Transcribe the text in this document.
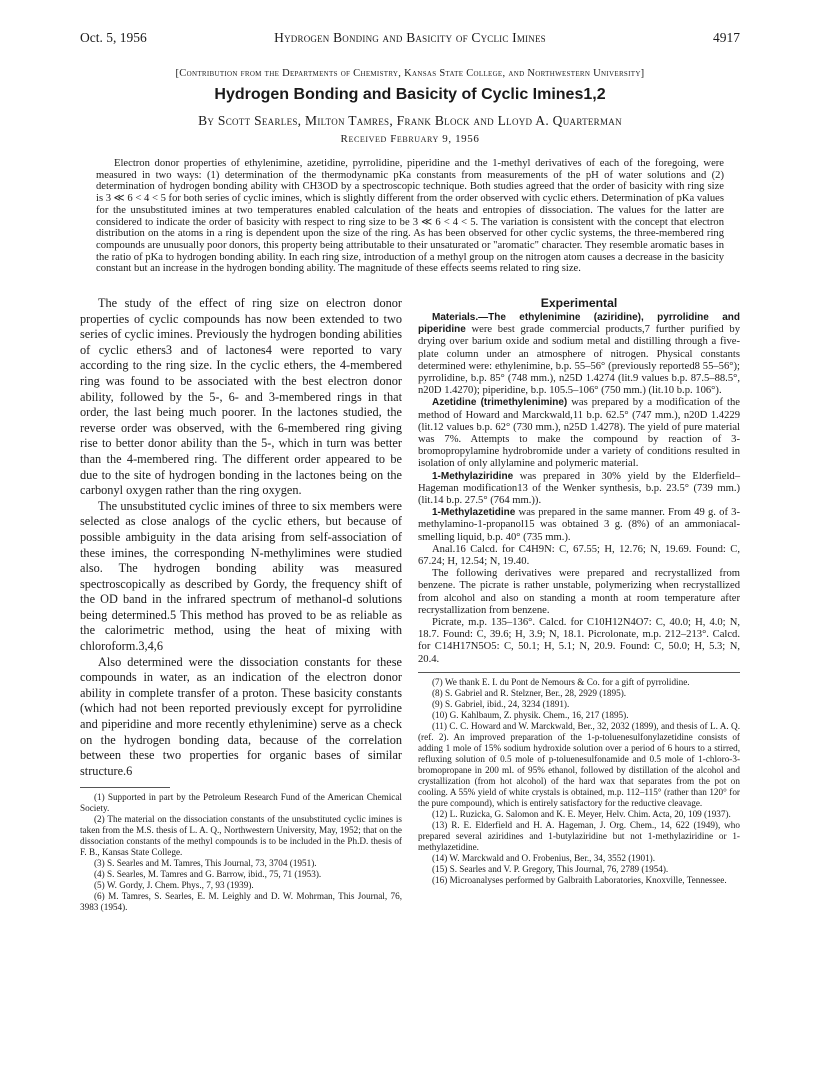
Oct. 5, 1956	Hydrogen Bonding and Basicity of Cyclic Imines	4917
[Contribution from the Departments of Chemistry, Kansas State College, and Northwestern University]
Hydrogen Bonding and Basicity of Cyclic Imines1,2
By Scott Searles, Milton Tamres, Frank Block and Lloyd A. Quarterman
Received February 9, 1956
Electron donor properties of ethylenimine, azetidine, pyrrolidine, piperidine and the 1-methyl derivatives of each of the foregoing, were measured in two ways: (1) determination of the thermodynamic pKa constants from measurements of the pH of water solutions and (2) determination of hydrogen bonding ability with CH3OD by a spectroscopic technique. Both studies agreed that the order of basicity with ring size is 3 ≪ 6 < 4 < 5 for both series of cyclic imines, which is slightly different from the order observed with cyclic ethers. Determination of pKa values for the unsubstituted imines at two temperatures enabled calculation of the heats and entropies of dissociation. The values for the latter are considered to indicate the order of basicity with respect to ring size to be 3 ≪ 6 < 4 < 5. The variation is consistent with the concept that electron distribution on the atoms in a ring is dependent upon the size of the ring. As has been observed for other cyclic systems, the three-membered ring compounds are unusually poor donors, this property being attributable to their unsaturated or "aromatic" character. They resemble aromatic bases in the ratio of pKa to hydrogen bonding ability. In each ring size, introduction of a methyl group on the nitrogen atom causes a decrease in the basicity constant but an increase in the hydrogen bonding ability. The magnitude of these effects seems related to ring size.

The study of the effect of ring size on electron donor properties of cyclic compounds has now been extended to two series of cyclic imines. Previously the hydrogen bonding abilities of cyclic ethers3 and of lactones4 were reported to vary according to the ring size. In the cyclic ethers, the 4-membered ring was found to be associated with the best electron donor ability, followed by the 5-, 6- and 3-membered rings in that order, the last being much poorer. In the lactones studied, the reverse order was observed, with the 6-membered ring giving rise to better donor ability than the 5-, which in turn was better than the 4-membered ring. The different order appeared to be due to the site of hydrogen bonding in the lactones being on the carbonyl oxygen rather than the ring oxygen.

The unsubstituted cyclic imines of three to six members were selected as close analogs of the cyclic ethers, but because of possible ambiguity in the data arising from self-association of these imines, the corresponding N-methylimines were studied also. The hydrogen bonding ability was measured spectroscopically as described by Gordy, the frequency shift of the OD band in the infrared spectrum of methanol-d solutions being determined.5 This method has proved to be as reliable as the calorimetric method, using the heat of mixing with chloroform.3,4,6

Also determined were the dissociation constants for these compounds in water, as an indication of the electron donor ability in complete transfer of a proton. These basicity constants (which had not been reported previously except for pyrrolidine and piperidine and more recently ethylenimine) serve as a check on the hydrogen bonding data, because of the correlation between these two properties for organic bases of similar structure.6

(1) Supported in part by the Petroleum Research Fund of the American Chemical Society.
(2) The material on the dissociation constants of the unsubstituted cyclic imines is taken from the M.S. thesis of L. A. Q., Northwestern University, May, 1952; that on the dissociation constants of the methyl compounds is to be included in the Ph.D. thesis of F. B., Kansas State College.
(3) S. Searles and M. Tamres, This Journal, 73, 3704 (1951).
(4) S. Searles, M. Tamres and G. Barrow, ibid., 75, 71 (1953).
(5) W. Gordy, J. Chem. Phys., 7, 93 (1939).
(6) M. Tamres, S. Searles, E. M. Leighly and D. W. Mohrman, This Journal, 76, 3983 (1954).
Experimental

Materials.—The ethylenimine (aziridine), pyrrolidine and piperidine were best grade commercial products,7 further purified by drying over barium oxide and sodium metal and distilling through a five-plate column under an atmosphere of nitrogen. Physical constants determined were: ethylenimine, b.p. 55–56° (previously reported8 55–56°); pyrrolidine, b.p. 85° (748 mm.), n25D 1.4274 (lit.9 values b.p. 87.5–88.5°, n20D 1.4270); piperidine, b.p. 105.5–106° (750 mm.) (lit.10 b.p. 106°).

Azetidine (trimethylenimine) was prepared by a modification of the method of Howard and Marckwald,11 b.p. 62.5° (747 mm.), n20D 1.4229 (lit.12 values b.p. 62° (730 mm.), n25D 1.4278). The yield of pure material was 7%. Attempts to make the compound by reaction of 3-bromopropylamine hydrobromide under a variety of conditions resulted in isolation of only allylamine and polymeric material.

1-Methylaziridine was prepared in 30% yield by the Elderfield–Hageman modification13 of the Wenker synthesis, b.p. 23.5° (739 mm.) (lit.14 b.p. 27.5° (764 mm.)).

1-Methylazetidine was prepared in the same manner. From 49 g. of 3-methylamino-1-propanol15 was obtained 3 g. (8%) of an ammoniacal-smelling liquid, b.p. 40° (735 mm.).

Anal.16 Calcd. for C4H9N: C, 67.55; H, 12.76; N, 19.69. Found: C, 67.24; H, 12.54; N, 19.40.

The following derivatives were prepared and recrystallized from benzene. The picrate is rather unstable, polymerizing when recrystallized from alcohol and also on standing a month at room temperature after recrystallization from benzene.

Picrate, m.p. 135–136°. Calcd. for C10H12N4O7: C, 40.0; H, 4.0; N, 18.7. Found: C, 39.6; H, 3.9; N, 18.1. Picrolonate, m.p. 212–213°. Calcd. for C14H17N5O5: C, 50.1; H, 5.1; N, 20.9. Found: C, 50.0; H, 5.3; N, 20.4.

(7) We thank E. I. du Pont de Nemours & Co. for a gift of pyrrolidine.
(8) S. Gabriel and R. Stelzner, Ber., 28, 2929 (1895).
(9) S. Gabriel, ibid., 24, 3234 (1891).
(10) G. Kahlbaum, Z. physik. Chem., 16, 217 (1895).
(11) C. C. Howard and W. Marckwald, Ber., 32, 2032 (1899), and thesis of L. A. Q. (ref. 2). An improved preparation of the 1-p-toluenesulfonylazetidine consists of adding 1 mole of 15% sodium hydroxide solution over a period of 6 hours to a stirred, refluxing solution of 0.5 mole of p-toluenesulfonamide and 0.5 mole of 1-chloro-3-bromopropane in 200 ml. of 95% ethanol, followed by distillation of the alcohol and crystallization (from hot alcohol) of the hard wax that separates from the pot on cooling. A 55% yield of white crystals is obtained, m.p. 112–115° (rather than 120° for the pure compound), which is entirely satisfactory for the reductive cleavage.
(12) L. Ruzicka, G. Salomon and K. E. Meyer, Helv. Chim. Acta, 20, 109 (1937).
(13) R. E. Elderfield and H. A. Hageman, J. Org. Chem., 14, 622 (1949), who prepared several aziridines and 1-butylaziridine but not 1-methylaziridine or 1-methylazetidine.
(14) W. Marckwald and O. Frobenius, Ber., 34, 3552 (1901).
(15) S. Searles and V. P. Gregory, This Journal, 76, 2789 (1954).
(16) Microanalyses performed by Galbraith Laboratories, Knoxville, Tennessee.
